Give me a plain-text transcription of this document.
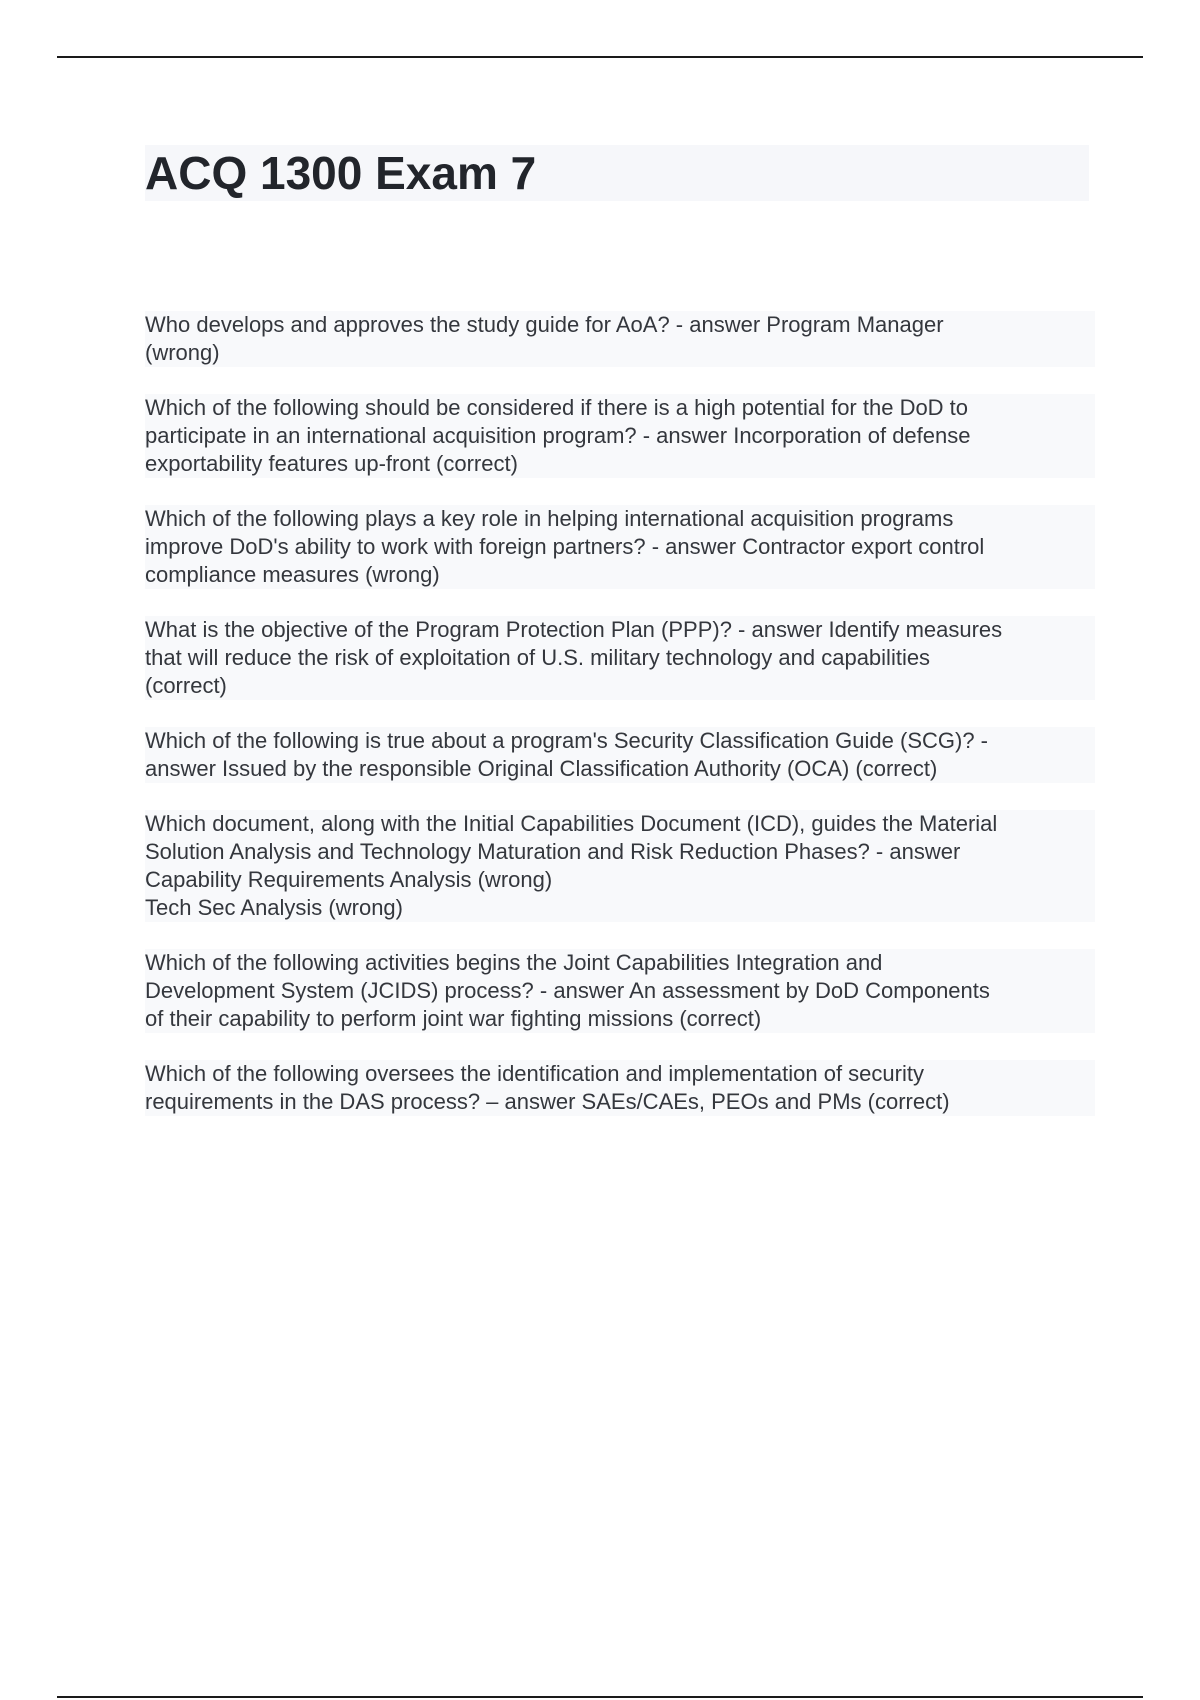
ACQ 1300 Exam 7

Who develops and approves the study guide for AoA? - answer Program Manager
(wrong)

Which of the following should be considered if there is a high potential for the DoD to
participate in an international acquisition program? - answer Incorporation of defense
exportability features up-front (correct)

Which of the following plays a key role in helping international acquisition programs
improve DoD's ability to work with foreign partners? - answer Contractor export control
compliance measures (wrong)

What is the objective of the Program Protection Plan (PPP)? - answer Identify measures
that will reduce the risk of exploitation of U.S. military technology and capabilities
(correct)

Which of the following is true about a program's Security Classification Guide (SCG)? -
answer Issued by the responsible Original Classification Authority (OCA) (correct)

Which document, along with the Initial Capabilities Document (ICD), guides the Material
Solution Analysis and Technology Maturation and Risk Reduction Phases? - answer
Capability Requirements Analysis (wrong)
Tech Sec Analysis (wrong)

Which of the following activities begins the Joint Capabilities Integration and
Development System (JCIDS) process? - answer An assessment by DoD Components
of their capability to perform joint war fighting missions (correct)

Which of the following oversees the identification and implementation of security
requirements in the DAS process? – answer SAEs/CAEs, PEOs and PMs (correct)
